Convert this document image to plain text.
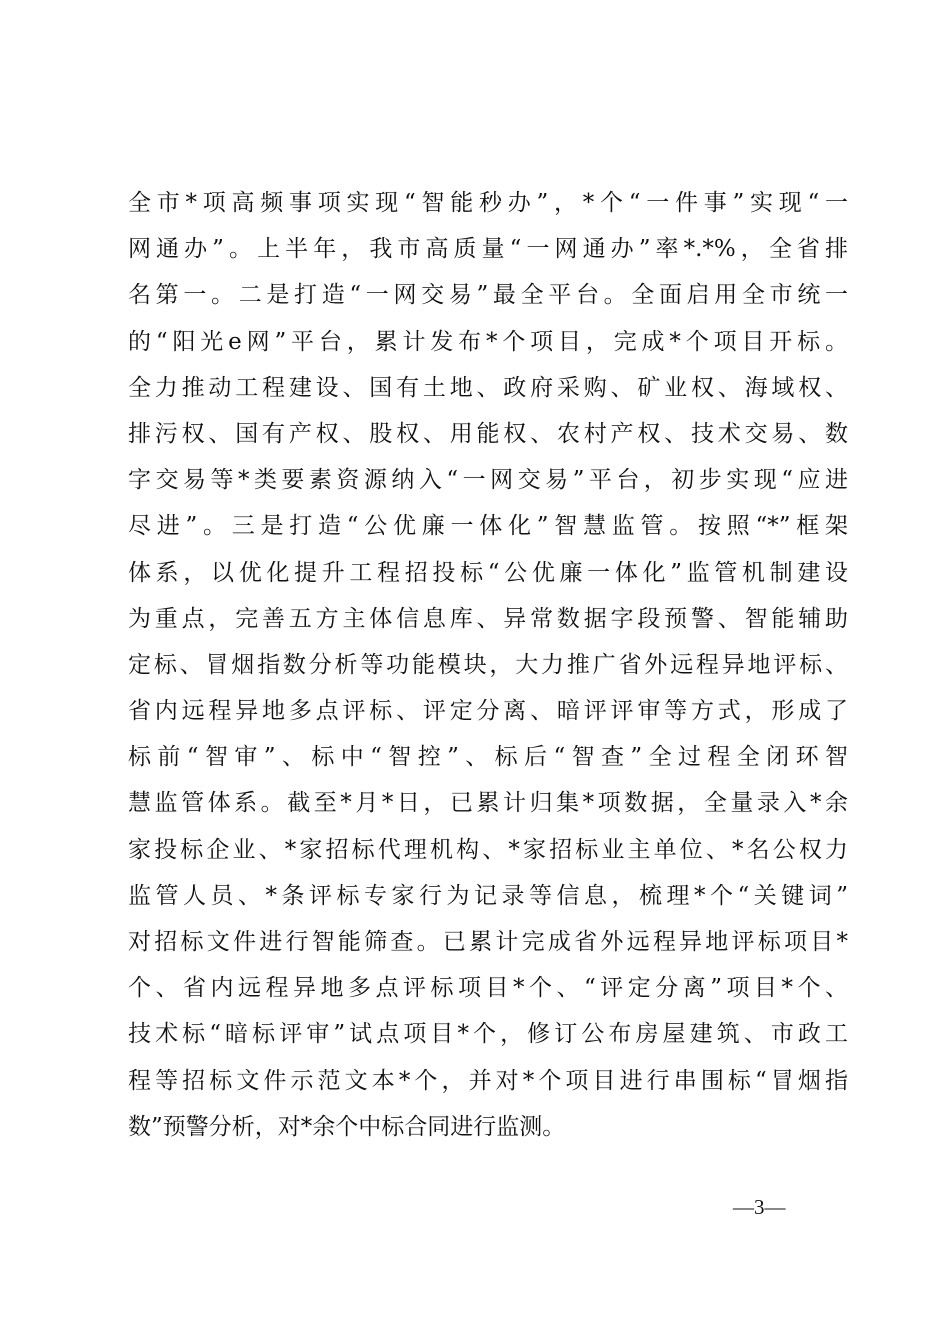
全市*项高频事项实现“智能秒办”，*个“一件事”实现“一
网通办”。上半年，我市高质量“一网通办”率*.*%，全省排
名第一。二是打造“一网交易”最全平台。全面启用全市统一
的“阳光e网”平台，累计发布*个项目，完成*个项目开标。
全力推动工程建设、国有土地、政府采购、矿业权、海域权、
排污权、国有产权、股权、用能权、农村产权、技术交易、数
字交易等*类要素资源纳入“一网交易”平台，初步实现“应进
尽进”。三是打造“公优廉一体化”智慧监管。按照“*”框架
体系，以优化提升工程招投标“公优廉一体化”监管机制建设
为重点，完善五方主体信息库、异常数据字段预警、智能辅助
定标、冒烟指数分析等功能模块，大力推广省外远程异地评标、
省内远程异地多点评标、评定分离、暗评评审等方式，形成了
标前“智审”、标中“智控”、标后“智查”全过程全闭环智
慧监管体系。截至*月*日，已累计归集*项数据，全量录入*余
家投标企业、*家招标代理机构、*家招标业主单位、*名公权力
监管人员、*条评标专家行为记录等信息，梳理*个“关键词”
对招标文件进行智能筛查。已累计完成省外远程异地评标项目*
个、省内远程异地多点评标项目*个、“评定分离”项目*个、
技术标“暗标评审”试点项目*个，修订公布房屋建筑、市政工
程等招标文件示范文本*个，并对*个项目进行串围标“冒烟指
数”预警分析，对*余个中标合同进行监测。
—3—
